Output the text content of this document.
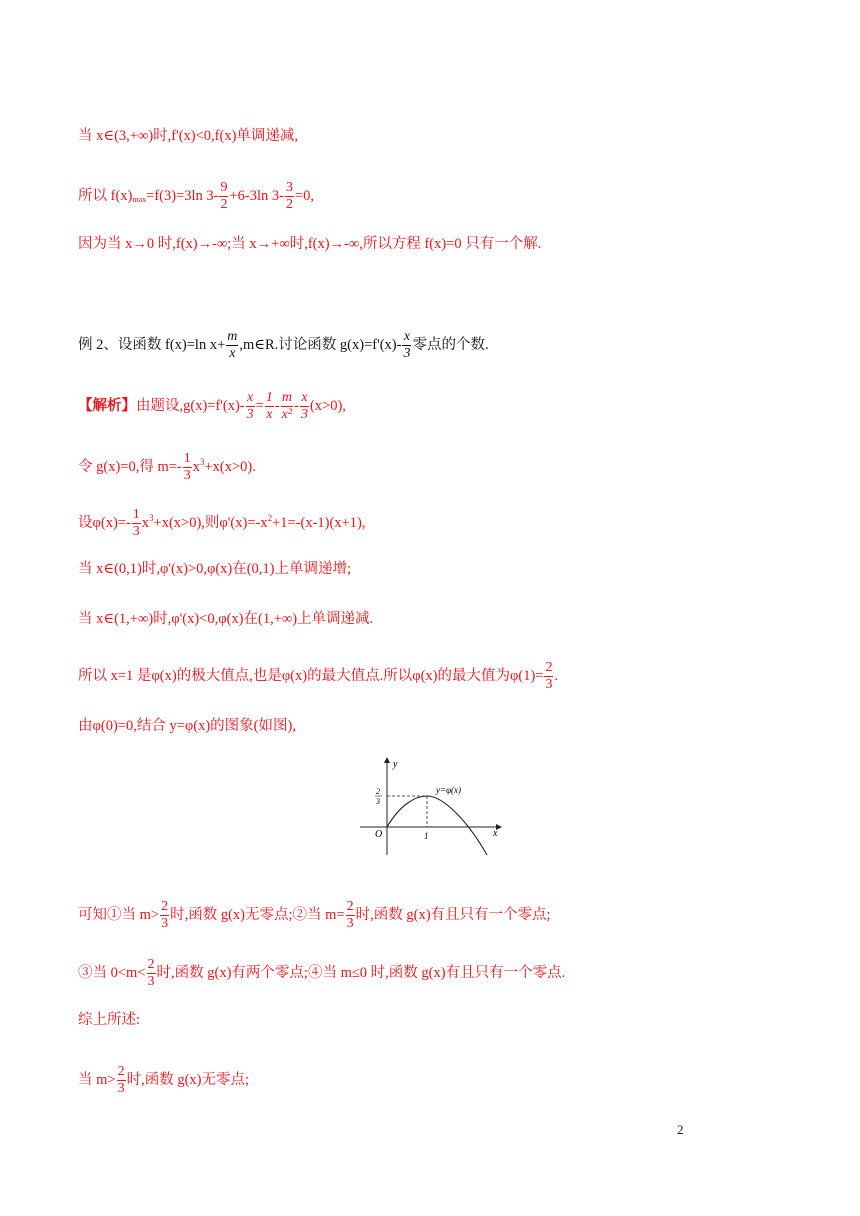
当 x∈(3,+∞)时,f'(x)<0,f(x)单调递减,
所以 $f(x)_{max}=f(3)=3\ln$ $3- \frac{9}{2} +6-3\ln$ $3- \frac{3}{2} =0$,
因为当 x→0 时,f(x)→-∞;当 x→+∞时,f(x)→-∞,所以方程 f(x)=0 只有一个解.
例 2、设函数 f(x)=ln $x+ \frac{m}{x}$ ,m∈R.讨论函数 $g(x)=f'(x)- \frac{x}{3}$ 零点的个数.
【解析】由题设$,g(x)=f'(x)- \frac{x}{3} = \frac{1}{x} - \frac{m}{\text{x²}} - \frac{x}{3} (x>0)$,
令 g(x)=0,得 $m=- \frac{1}{3} x^3+x(x>0)$.
设$\varphi(x)=- \frac{1}{3} x^3+x(x>0)$,则$\varphi'(x)=-x^2+1=-(x-1)(x+1)$,
当 x∈(0,1)时,φ'(x)>0,φ(x)在(0,1)上单调递增;
当 x∈(1,+∞)时,φ'(x)<0,φ(x)在(1,+∞)上单调递减.
所以 x=1 是φ(x)的极大值点,也是φ(x)的最大值点.所以φ(x)的最大值为$\varphi(1)= \frac{2}{3}$ .
由φ(0)=0,结合 y=φ(x)的图象(如图),
y
x
O	1
2
3
y=φ(x)
可知①当 $m> \frac{2}{3}$ 时,函数 g(x)无零点;②当 $m= \frac{2}{3}$ 时,函数 g(x)有且只有一个零点;
③当 $0<m< \frac{2}{3}$ 时,函数 g(x)有两个零点;④当 m≤0 时,函数 g(x)有且只有一个零点.
综上所述:
当 $m> \frac{2}{3}$ 时,函数 g(x)无零点;
2
